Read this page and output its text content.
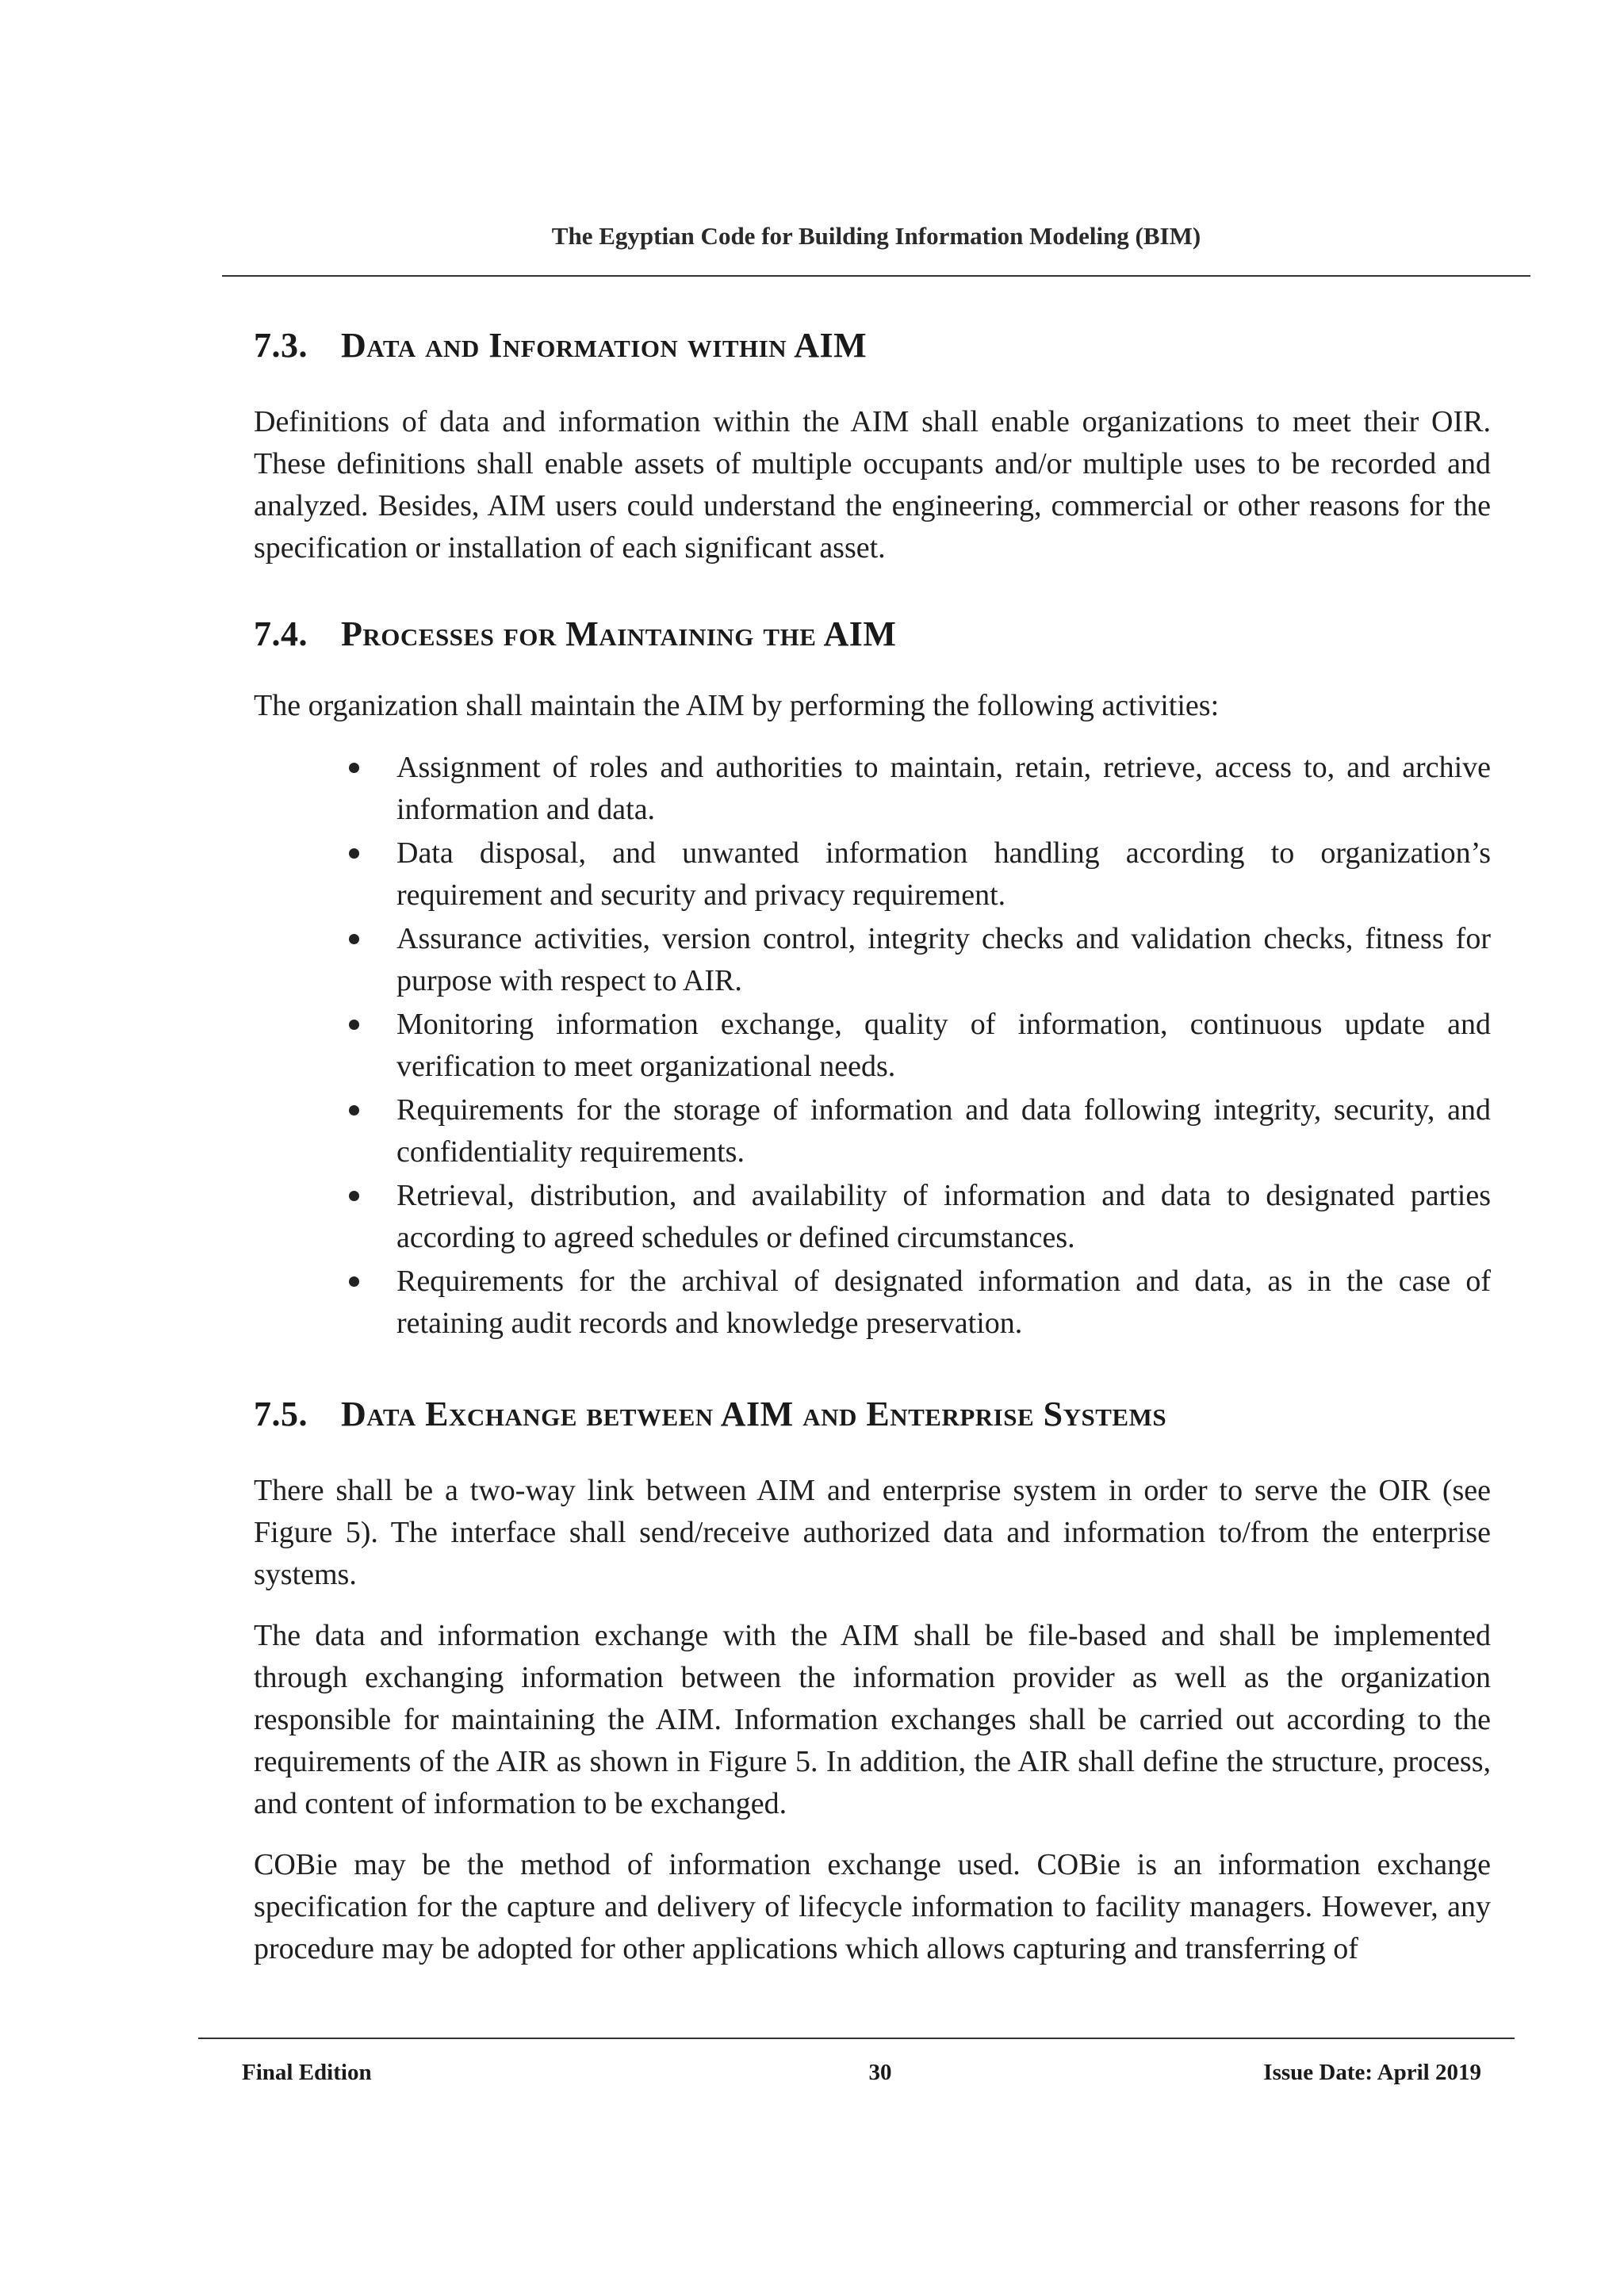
The Egyptian Code for Building Information Modeling (BIM)
7.3. Data and Information within AIM

Definitions of data and information within the AIM shall enable organizations to meet their OIR. These definitions shall enable assets of multiple occupants and/or multiple uses to be recorded and analyzed. Besides, AIM users could understand the engineering, commercial or other reasons for the specification or installation of each significant asset.

7.4. Processes for Maintaining the AIM

The organization shall maintain the AIM by performing the following activities:

Assignment of roles and authorities to maintain, retain, retrieve, access to, and archive information and data.
Data disposal, and unwanted information handling according to organization’s requirement and security and privacy requirement.
Assurance activities, version control, integrity checks and validation checks, fitness for purpose with respect to AIR.
Monitoring information exchange, quality of information, continuous update and verification to meet organizational needs.
Requirements for the storage of information and data following integrity, security, and confidentiality requirements.
Retrieval, distribution, and availability of information and data to designated parties according to agreed schedules or defined circumstances.
Requirements for the archival of designated information and data, as in the case of retaining audit records and knowledge preservation.
7.5. Data Exchange between AIM and Enterprise Systems

There shall be a two-way link between AIM and enterprise system in order to serve the OIR (see Figure 5). The interface shall send/receive authorized data and information to/from the enterprise systems.

The data and information exchange with the AIM shall be file-based and shall be implemented through exchanging information between the information provider as well as the organization responsible for maintaining the AIM. Information exchanges shall be carried out according to the requirements of the AIR as shown in Figure 5. In addition, the AIR shall define the structure, process, and content of information to be exchanged.

COBie may be the method of information exchange used. COBie is an information exchange specification for the capture and delivery of lifecycle information to facility managers. However, any procedure may be adopted for other applications which allows capturing and transferring of

Final Edition	30	Issue Date: April 2019
